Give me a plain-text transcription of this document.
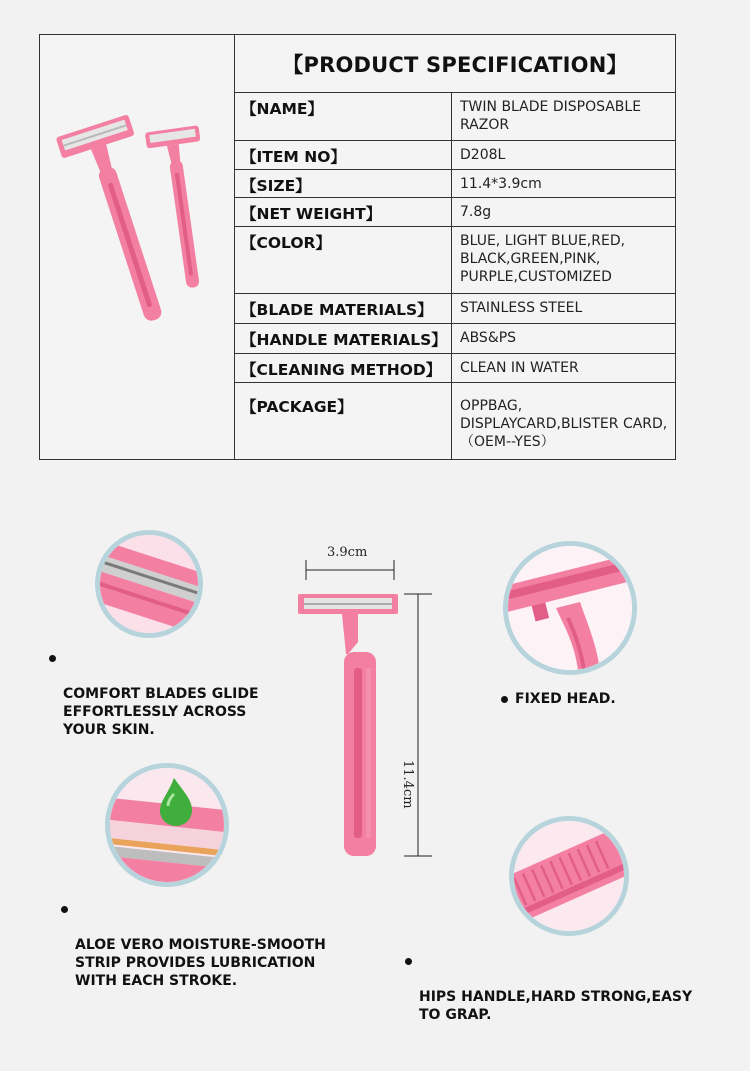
【PRODUCT SPECIFICATION】
【NAME】	TWIN BLADE DISPOSABLE
RAZOR
【ITEM NO】	D208L
【SIZE】	11.4*3.9cm
【NET WEIGHT】	7.8g
【COLOR】	BLUE, LIGHT BLUE,RED,
BLACK,GREEN,PINK,
PURPLE,CUSTOMIZED
【BLADE MATERIALS】	STAINLESS STEEL
【HANDLE MATERIALS】 ABS&PS
【CLEANING METHOD】	CLEAN IN WATER
【PACKAGE】	OPPBAG,
DISPLAYCARD,BLISTER CARD,
（OEM--YES）

COMFORT BLADES GLIDE
EFFORTLESSLY ACROSS
YOUR SKIN.

ALOE VERO MOISTURE-SMOOTH
STRIP PROVIDES LUBRICATION
WITH EACH STROKE.

3.9cm
11.4cm
FIXED HEAD.

HIPS HANDLE,HARD STRONG,EASY
TO GRAP.
